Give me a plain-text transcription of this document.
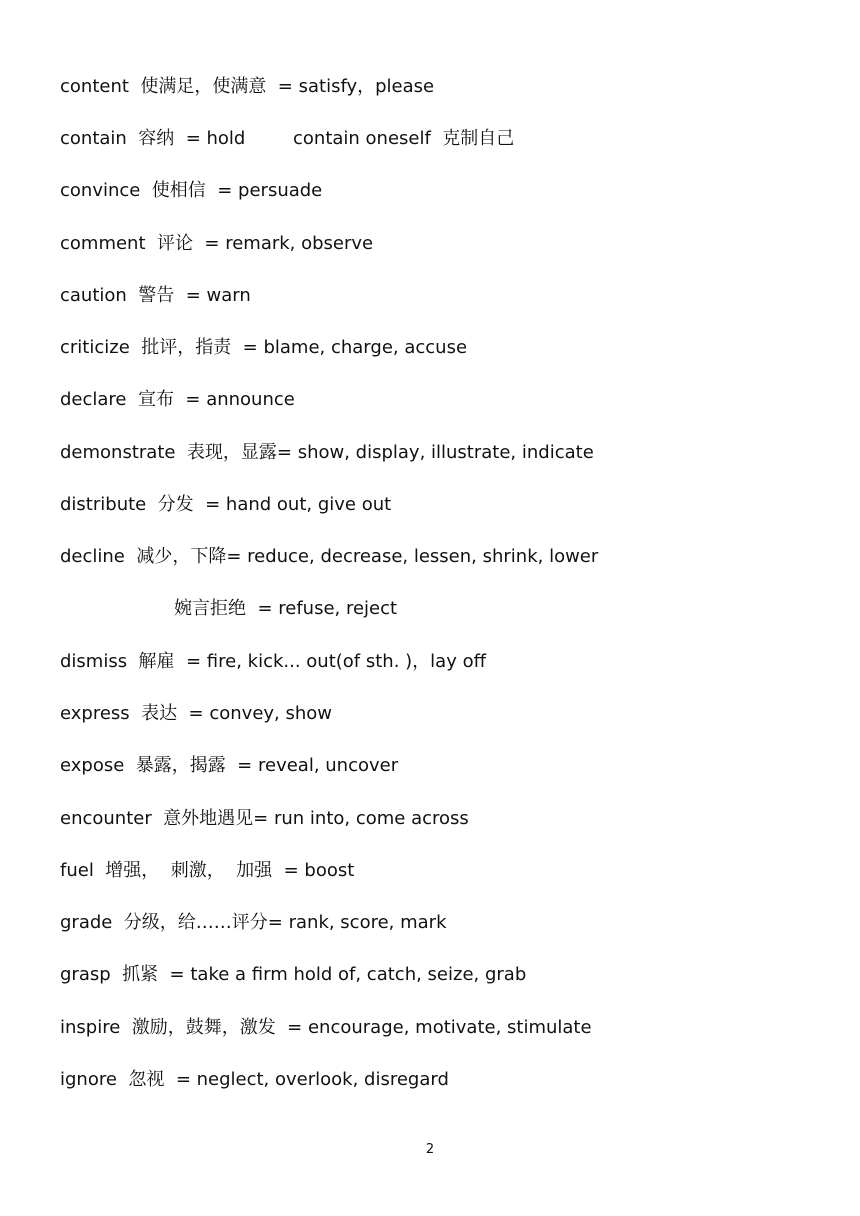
content  使满足，使满意  = satisfy，please
contain  容纳  = hold	contain oneself  克制自己
convince  使相信  = persuade
comment  评论  = remark, observe
caution  警告  = warn
criticize  批评，指责  = blame, charge, accuse
declare  宣布  = announce
demonstrate  表现，显露= show, display, illustrate, indicate
distribute  分发  = hand out, give out
decline  减少，下降= reduce, decrease, lessen, shrink, lower
婉言拒绝  = refuse, reject
dismiss  解雇  = fire, kick... out(of sth. )，lay off
express  表达  = convey, show
expose  暴露，揭露  = reveal, uncover
encounter  意外地遇见= run into, come across
fuel  增强，  刺激，  加强  = boost
grade  分级，给……评分= rank, score, mark
grasp  抓紧  = take a firm hold of, catch, seize, grab
inspire  激励，鼓舞，激发  = encourage, motivate, stimulate
ignore  忽视  = neglect, overlook, disregard
2
